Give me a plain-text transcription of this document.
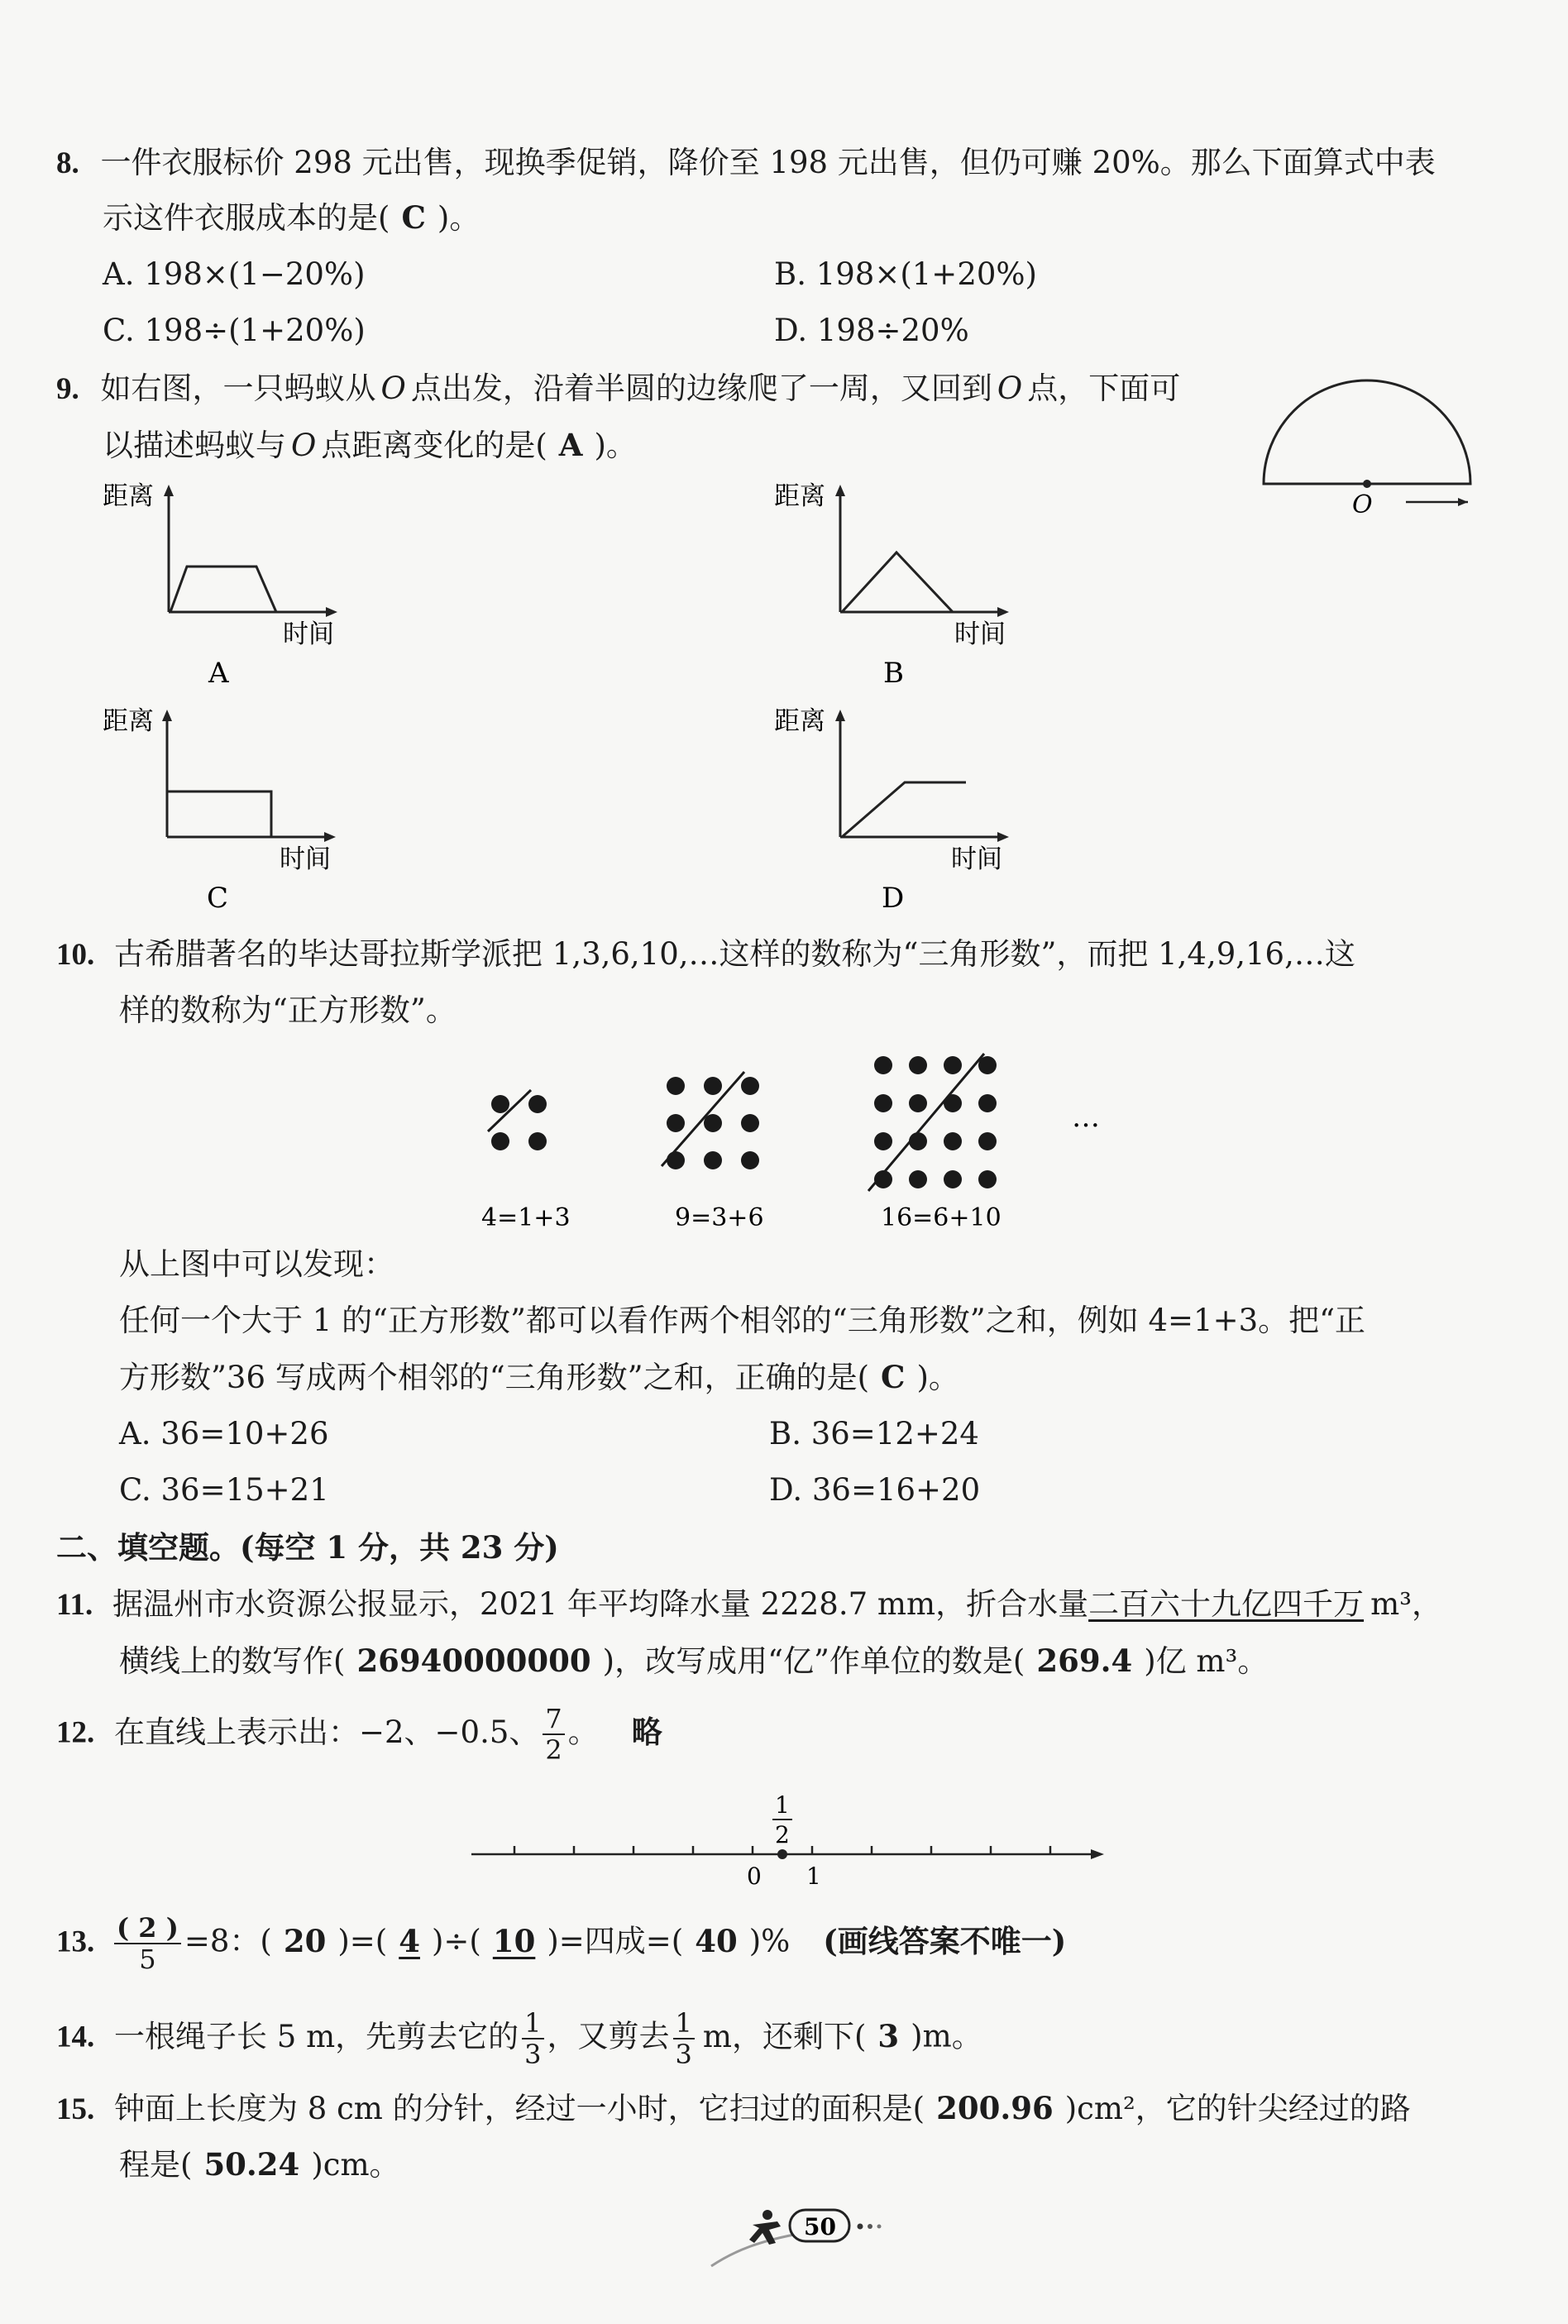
8. 一件衣服标价 298 元出售，现换季促销，降价至 198 元出售，但仍可赚 20%。那么下面算式中表
示这件衣服成本的是( C )。
A. 198×(1−20%)	B. 198×(1+20%)
C. 198÷(1+20%)	D. 198÷20%
9. 如右图，一只蚂蚁从 O 点出发，沿着半圆的边缘爬了一周，又回到 O 点，下面可
以描述蚂蚁与 O 点距离变化的是( A )。
O
距离
时间
A
距离
时间
B
距离
时间
C
距离
时间
D
10. 古希腊著名的毕达哥拉斯学派把 1,3,6,10,…这样的数称为“三角形数”，而把 1,4,9,16,…这
样的数称为“正方形数”。
…
4=1+3	9=3+6	16=6+10
从上图中可以发现：
任何一个大于 1 的“正方形数”都可以看作两个相邻的“三角形数”之和，例如 4=1+3。把“正
方形数”36 写成两个相邻的“三角形数”之和，正确的是( C )。
A. 36=10+26	B. 36=12+24
C. 36=15+21	D. 36=16+20
二、填空题。(每空 1 分，共 23 分)
11. 据温州市水资源公报显示，2021 年平均降水量 2228.7 mm，折合水量二百六十九亿四千万 m³，
横线上的数写作( 26940000000 )，改写成用“亿”作单位的数是( 269.4 )亿 m³。
12. 在直线上表示出：−2、−0.5、 $\frac{7}{2}$ 。 略
1
2
0 1
13. $\frac{( 2 )}{5} =8$：( 20 )=( 4 )÷( 10 )=四成=( 40 )% (画线答案不唯一)
14. 一根绳子长 5 m，先剪去它的 $\frac{1}{3}$ ，又剪去 $\frac{1}{3}$ m，还剩下( 3 )m。
15. 钟面上长度为 8 cm 的分针，经过一小时，它扫过的面积是( 200.96 )cm²，它的针尖经过的路
程是( 50.24 )cm。
50
